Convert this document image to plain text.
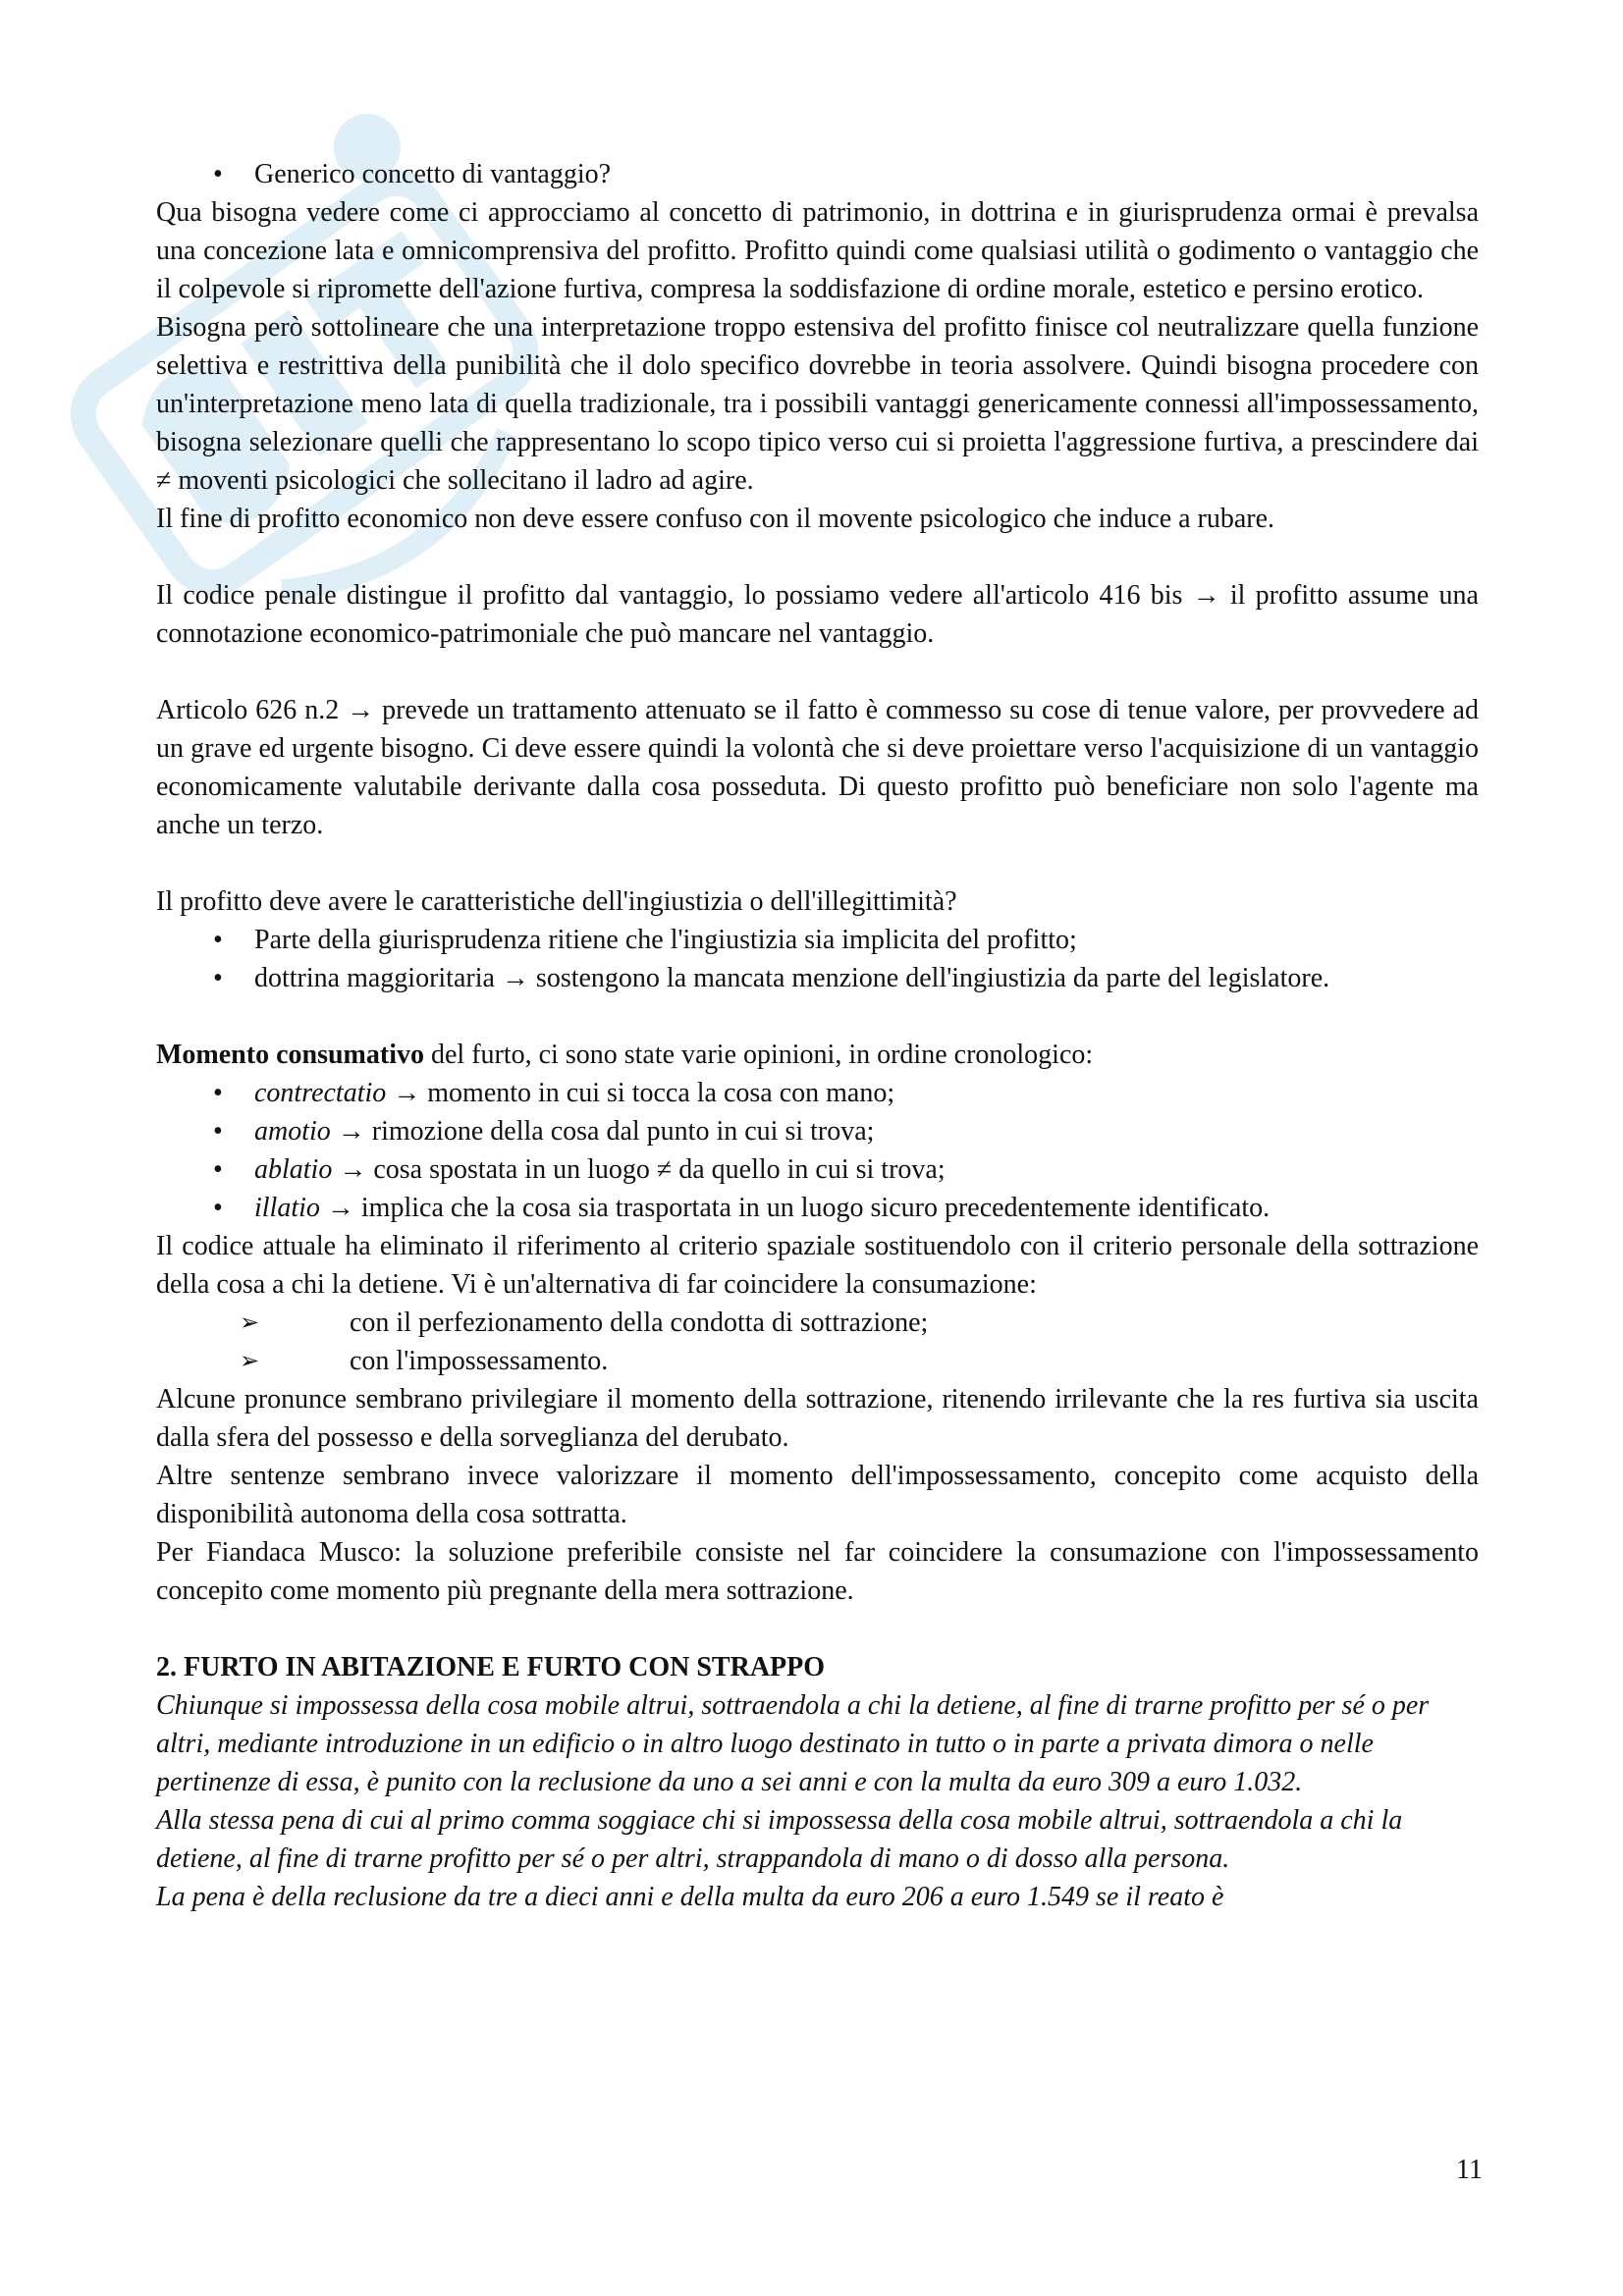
•	Generico concetto di vantaggio?

Qua bisogna vedere come ci approcciamo al concetto di patrimonio, in dottrina e in giurisprudenza ormai è prevalsa una concezione lata e omnicomprensiva del profitto. Profitto quindi come qualsiasi utilità o godimento o vantaggio che il colpevole si ripromette dell'azione furtiva, compresa la soddisfazione di ordine morale, estetico e persino erotico.

Bisogna però sottolineare che una interpretazione troppo estensiva del profitto finisce col neutralizzare quella funzione selettiva e restrittiva della punibilità che il dolo specifico dovrebbe in teoria assolvere. Quindi bisogna procedere con un'interpretazione meno lata di quella tradizionale, tra i possibili vantaggi genericamente connessi all'impossessamento, bisogna selezionare quelli che rappresentano lo scopo tipico verso cui si proietta l'aggressione furtiva, a prescindere dai ≠ moventi psicologici che sollecitano il ladro ad agire.

Il fine di profitto economico non deve essere confuso con il movente psicologico che induce a rubare.

Il codice penale distingue il profitto dal vantaggio, lo possiamo vedere all'articolo 416 bis → il profitto assume una connotazione economico-patrimoniale che può mancare nel vantaggio.

Articolo 626 n.2 → prevede un trattamento attenuato se il fatto è commesso su cose di tenue valore, per provvedere ad un grave ed urgente bisogno. Ci deve essere quindi la volontà che si deve proiettare verso l'acquisizione di un vantaggio economicamente valutabile derivante dalla cosa posseduta. Di questo profitto può beneficiare non solo l'agente ma anche un terzo.

Il profitto deve avere le caratteristiche dell'ingiustizia o dell'illegittimità?

•	Parte della giurisprudenza ritiene che l'ingiustizia sia implicita del profitto;
•	dottrina maggioritaria → sostengono la mancata menzione dell'ingiustizia da parte del legislatore.

Momento consumativo del furto, ci sono state varie opinioni, in ordine cronologico:

•	contrectatio → momento in cui si tocca la cosa con mano;
•	amotio → rimozione della cosa dal punto in cui si trova;
•	ablatio → cosa spostata in un luogo ≠ da quello in cui si trova;
•	illatio → implica che la cosa sia trasportata in un luogo sicuro precedentemente identificato.

Il codice attuale ha eliminato il riferimento al criterio spaziale sostituendolo con il criterio personale della sottrazione della cosa a chi la detiene. Vi è un'alternativa di far coincidere la consumazione:

➢	con il perfezionamento della condotta di sottrazione;
➢	con l'impossessamento.

Alcune pronunce sembrano privilegiare il momento della sottrazione, ritenendo irrilevante che la res furtiva sia uscita dalla sfera del possesso e della sorveglianza del derubato.

Altre sentenze sembrano invece valorizzare il momento dell'impossessamento, concepito come acquisto della disponibilità autonoma della cosa sottratta.

Per Fiandaca Musco: la soluzione preferibile consiste nel far coincidere la consumazione con l'impossessamento concepito come momento più pregnante della mera sottrazione.

2. FURTO IN ABITAZIONE E FURTO CON STRAPPO

Chiunque si impossessa della cosa mobile altrui, sottraendola a chi la detiene, al fine di trarne profitto per sé o per altri, mediante introduzione in un edificio o in altro luogo destinato in tutto o in parte a privata dimora o nelle pertinenze di essa, è punito con la reclusione da uno a sei anni e con la multa da euro 309 a euro 1.032.

Alla stessa pena di cui al primo comma soggiace chi si impossessa della cosa mobile altrui, sottraendola a chi la detiene, al fine di trarne profitto per sé o per altri, strappandola di mano o di dosso alla persona.

La pena è della reclusione da tre a dieci anni e della multa da euro 206 a euro 1.549 se il reato è

11
